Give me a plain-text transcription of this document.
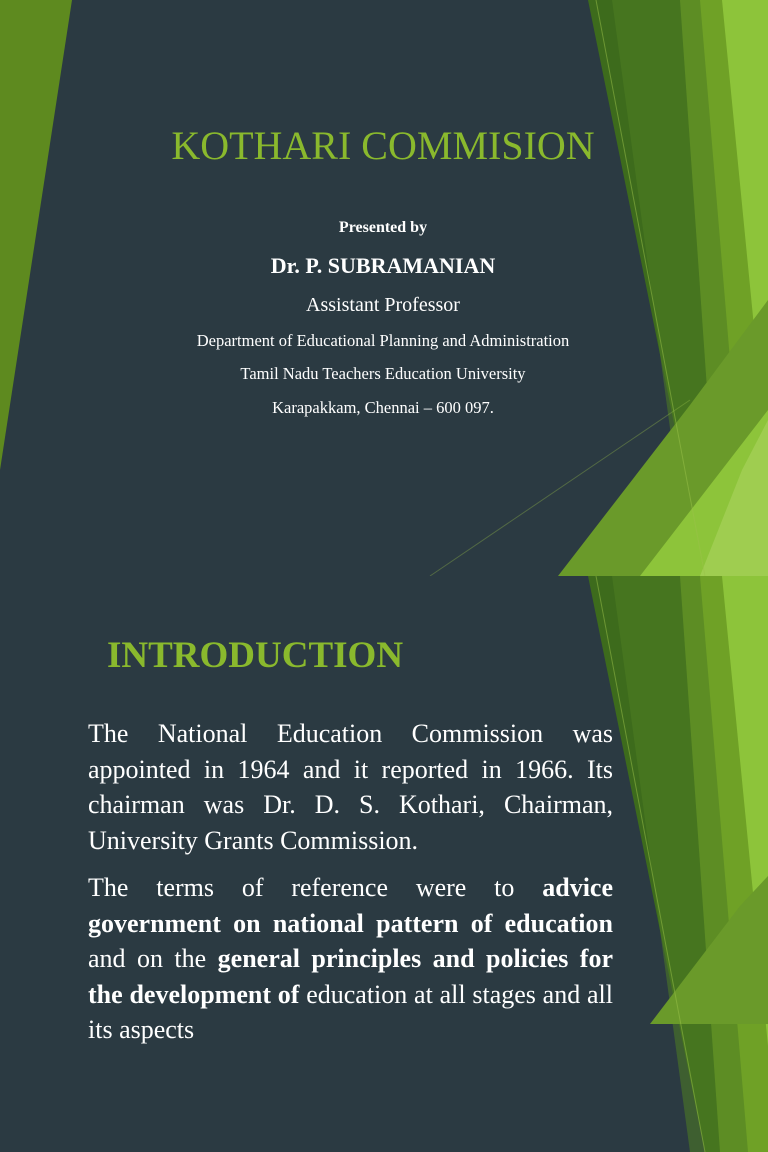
KOTHARI COMMISION
Presented by
Dr. P. SUBRAMANIAN
Assistant Professor
Department of Educational Planning and Administration
Tamil Nadu Teachers Education University
Karapakkam, Chennai – 600 097.
INTRODUCTION
The National Education Commission was appointed in 1964 and it reported in 1966. Its chairman was Dr. D. S. Kothari, Chairman, University Grants Commission.
The terms of reference were to advice government on national pattern of education and on the general principles and policies for the development of education at all stages and all its aspects
